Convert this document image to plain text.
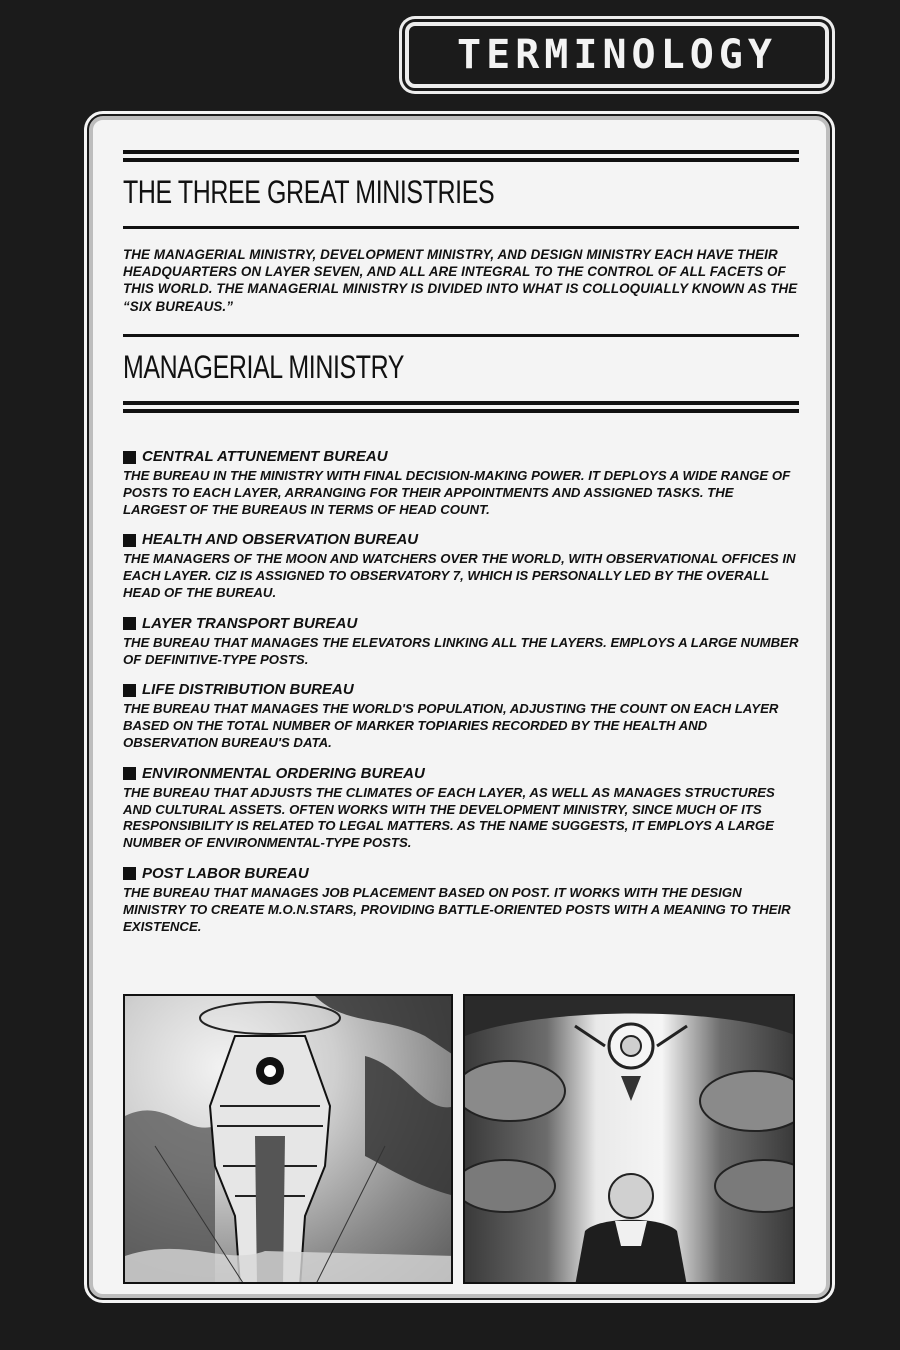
TERMINOLOGY
THE THREE GREAT MINISTRIES

THE MANAGERIAL MINISTRY, DEVELOPMENT MINISTRY, AND DESIGN MINISTRY EACH HAVE THEIR HEADQUARTERS ON LAYER SEVEN, AND ALL ARE INTEGRAL TO THE CONTROL OF ALL FACETS OF THIS WORLD. THE MANAGERIAL MINISTRY IS DIVIDED INTO WHAT IS COLLOQUIALLY KNOWN AS THE “SIX BUREAUS.”

MANAGERIAL MINISTRY
CENTRAL ATTUNEMENT BUREAU

THE BUREAU IN THE MINISTRY WITH FINAL DECISION-MAKING POWER. IT DEPLOYS A WIDE RANGE OF POSTS TO EACH LAYER, ARRANGING FOR THEIR APPOINTMENTS AND ASSIGNED TASKS. THE LARGEST OF THE BUREAUS IN TERMS OF HEAD COUNT.

HEALTH AND OBSERVATION BUREAU

THE MANAGERS OF THE MOON AND WATCHERS OVER THE WORLD, WITH OBSERVATIONAL OFFICES IN EACH LAYER. CIZ IS ASSIGNED TO OBSERVATORY 7, WHICH IS PERSONALLY LED BY THE OVERALL HEAD OF THE BUREAU.

LAYER TRANSPORT BUREAU

THE BUREAU THAT MANAGES THE ELEVATORS LINKING ALL THE LAYERS. EMPLOYS A LARGE NUMBER OF DEFINITIVE-TYPE POSTS.

LIFE DISTRIBUTION BUREAU

THE BUREAU THAT MANAGES THE WORLD'S POPULATION, ADJUSTING THE COUNT ON EACH LAYER BASED ON THE TOTAL NUMBER OF MARKER TOPIARIES RECORDED BY THE HEALTH AND OBSERVATION BUREAU'S DATA.

ENVIRONMENTAL ORDERING BUREAU

THE BUREAU THAT ADJUSTS THE CLIMATES OF EACH LAYER, AS WELL AS MANAGES STRUCTURES AND CULTURAL ASSETS. OFTEN WORKS WITH THE DEVELOPMENT MINISTRY, SINCE MUCH OF ITS RESPONSIBILITY IS RELATED TO LEGAL MATTERS. AS THE NAME SUGGESTS, IT EMPLOYS A LARGE NUMBER OF ENVIRONMENTAL-TYPE POSTS.

POST LABOR BUREAU

THE BUREAU THAT MANAGES JOB PLACEMENT BASED ON POST. IT WORKS WITH THE DESIGN MINISTRY TO CREATE M.O.N.STARS, PROVIDING BATTLE-ORIENTED POSTS WITH A MEANING TO THEIR EXISTENCE.
